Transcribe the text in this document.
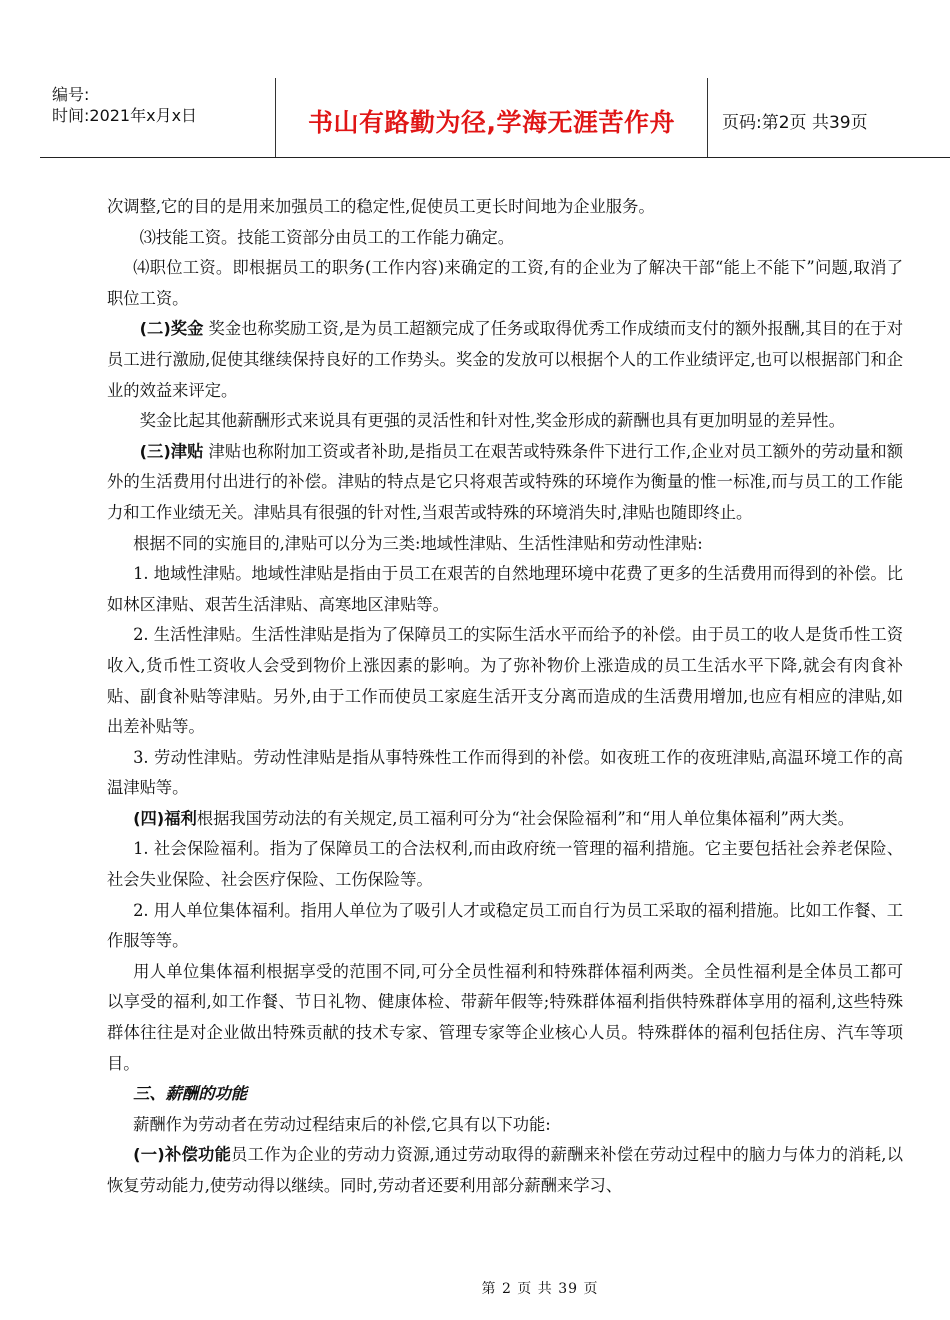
编号:
时间:2021年x月x日	书山有路勤为径,学海无涯苦作舟	页码:第2页 共39页

次调整,它的目的是用来加强员工的稳定性,促使员工更长时间地为企业服务。

⑶技能工资。技能工资部分由员工的工作能力确定。

⑷职位工资。即根据员工的职务(工作内容)来确定的工资,有的企业为了解决干部“能上不能下”问题,取消了职位工资。

(二)奖金 奖金也称奖励工资,是为员工超额完成了任务或取得优秀工作成绩而支付的额外报酬,其目的在于对员工进行激励,促使其继续保持良好的工作势头。奖金的发放可以根据个人的工作业绩评定,也可以根据部门和企业的效益来评定。

奖金比起其他薪酬形式来说具有更强的灵活性和针对性,奖金形成的薪酬也具有更加明显的差异性。

(三)津贴 津贴也称附加工资或者补助,是指员工在艰苦或特殊条件下进行工作,企业对员工额外的劳动量和额外的生活费用付出进行的补偿。津贴的特点是它只将艰苦或特殊的环境作为衡量的惟一标准,而与员工的工作能力和工作业绩无关。津贴具有很强的针对性,当艰苦或特殊的环境消失时,津贴也随即终止。

根据不同的实施目的,津贴可以分为三类:地域性津贴、生活性津贴和劳动性津贴:

1. 地域性津贴。地域性津贴是指由于员工在艰苦的自然地理环境中花费了更多的生活费用而得到的补偿。比如林区津贴、艰苦生活津贴、高寒地区津贴等。

2. 生活性津贴。生活性津贴是指为了保障员工的实际生活水平而给予的补偿。由于员工的收人是货币性工资收入,货币性工资收人会受到物价上涨因素的影响。为了弥补物价上涨造成的员工生活水平下降,就会有肉食补贴、副食补贴等津贴。另外,由于工作而使员工家庭生活开支分离而造成的生活费用增加,也应有相应的津贴,如出差补贴等。

3. 劳动性津贴。劳动性津贴是指从事特殊性工作而得到的补偿。如夜班工作的夜班津贴,高温环境工作的高温津贴等。

(四)福利根据我国劳动法的有关规定,员工福利可分为“社会保险福利”和“用人单位集体福利”两大类。

1. 社会保险福利。指为了保障员工的合法权利,而由政府统一管理的福利措施。它主要包括社会养老保险、社会失业保险、社会医疗保险、工伤保险等。

2. 用人单位集体福利。指用人单位为了吸引人才或稳定员工而自行为员工采取的福利措施。比如工作餐、工作服等等。

用人单位集体福利根据享受的范围不同,可分全员性福利和特殊群体福利两类。全员性福利是全体员工都可以享受的福利,如工作餐、节日礼物、健康体检、带薪年假等;特殊群体福利指供特殊群体享用的福利,这些特殊群体往往是对企业做出特殊贡献的技术专家、管理专家等企业核心人员。特殊群体的福利包括住房、汽车等项目。

三、薪酬的功能

薪酬作为劳动者在劳动过程结束后的补偿,它具有以下功能:

(一)补偿功能员工作为企业的劳动力资源,通过劳动取得的薪酬来补偿在劳动过程中的脑力与体力的消耗,以恢复劳动能力,使劳动得以继续。同时,劳动者还要利用部分薪酬来学习、

第 2 页 共 39 页
